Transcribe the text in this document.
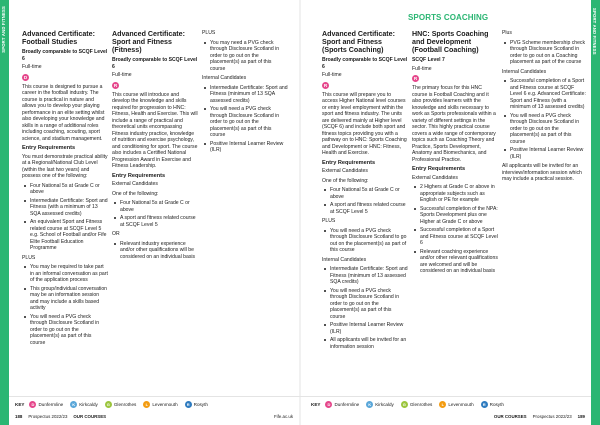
SPORT AND FITNESS	SPORT AND FITNESS
SPORTS COACHING
Advanced Certificate: Football Studies

Broadly comparable to SCQF Level 6

Full-time

D

This course is designed to pursue a career in the football industry. The course is practical in nature and allows you to develop your playing performance in an elite setting whilst also developing your knowledge and skills in a range of additional roles including coaching, scouting, sport science, and stadium management.

Entry Requirements

You must demonstrate practical ability at a Regional/National Club Level (within the last two years) and possess one of the following:

Four National 5s at Grade C or above
Intermediate Certificate: Sport and Fitness (with a minimum of 13 SQA assessed credits)
An equivalent Sport and Fitness related course at SCQF Level 5 e.g. School of Football and/or Fife Elite Football Education Programme

PLUS

You may be required to take part in an informal conversation as part of the application process
This group/individual conversation may be an information session and may include a skills based activity
You will need a PVG check through Disclosure Scotland in order to go out on the placement(s) as part of this course
Advanced Certificate: Sport and Fitness (Fitness)

Broadly comparable to SCQF Level 6

Full-time

R

This course will introduce and develop the knowledge and skills required for progression to HNC: Fitness, Health and Exercise. This will include a range of practical and theoretical units encompassing Fitness industry practice, knowledge of nutrition and exercise psychology, and conditioning for sport. The course also includes a Certified National Progression Award in Exercise and Fitness Leadership.

Entry Requirements

External Candidates

One of the following:

Four National 5s at Grade C or above
A sport and fitness related course at SCQF Level 5

OR

Relevant industry experience and/or other qualifications will be considered on an individual basis

PLUS

You may need a PVG check through Disclosure Scotland in order to go out on the placement(s) as part of this course

Internal Candidates

Intermediate Certificate: Sport and Fitness (minimum of 13 SQA assessed credits)
You will need a PVG check through Disclosure Scotland in order to go out on the placement(s) as part of this course
Positive Internal Learner Review (ILR)
Advanced Certificate: Sport and Fitness (Sports Coaching)

Broadly comparable to SCQF Level 6

Full-time

R

This course will prepare you to access Higher National level courses or entry level employment within the sport and fitness industry. The units are delivered mainly at Higher level (SCQF 6) and include both sport and fitness topics providing you with a pathway on to HNC: Sports Coaching and Development or HNC: Fitness, Health and Exercise.

Entry Requirements

External Candidates

One of the following:

Four National 5s at Grade C or above
A sport and fitness related course at SCQF Level 5

PLUS

You will need a PVG check through Disclosure Scotland to go out on the placement(s) as part of this course

Internal Candidates

Intermediate Certificate: Sport and Fitness (minimum of 13 assessed SQA credits)
You will need a PVG check through Disclosure Scotland in order to go out on the placement(s) as part of this course
Positive Internal Learner Review (ILR)
All applicants will be invited for an information session
HNC: Sports Coaching and Development (Football Coaching)

SCQF Level 7

Full-time

R

The primary focus for this HNC course is Football Coaching and it also provides learners with the knowledge and skills necessary to work as Sports professionals within a variety of different settings in the sector. This highly practical course covers a wide range of contemporary topics such as Coaching Theory and Practice, Sports Development, Anatomy and Biomechanics, and Professional Practice.

Entry Requirements

External Candidates

2 Highers at Grade C or above in appropriate subjects such as English or PE for example
Successful completion of the NPA: Sports Development plus one Higher at Grade C or above
Successful completion of a Sport and Fitness course at SCQF Level 6
Relevant coaching experience and/or other relevant qualifications are welcomed and will be considered on an individual basis

Plus

PVG Scheme membership check through Disclosure Scotland in order to go out on a Coaching placement as part of the course

Internal Candidates

Successful completion of a Sport and Fitness course at SCQF Level 6 e.g. Advanced Certificate: Sport and Fitness (with a minimum of 13 assessed credits)
You will need a PVG check through Disclosure Scotland in order to go out on the placement(s) as part of this course
Positive Internal Learner Review (ILR)

All applicants will be invited for an interview/information session which may include a practical session.

KEY	D Dunfermline	K Kirkcaldy	G Glenrothes	L Levenmouth	R Rosyth	KEY	D Dunfermline	K Kirkcaldy	G Glenrothes	L Levenmouth	R Rosyth
188 Prospectus 2022/23 OUR COURSES	Fife.ac.uk	OUR COURSES Prospectus 2022/23 189
